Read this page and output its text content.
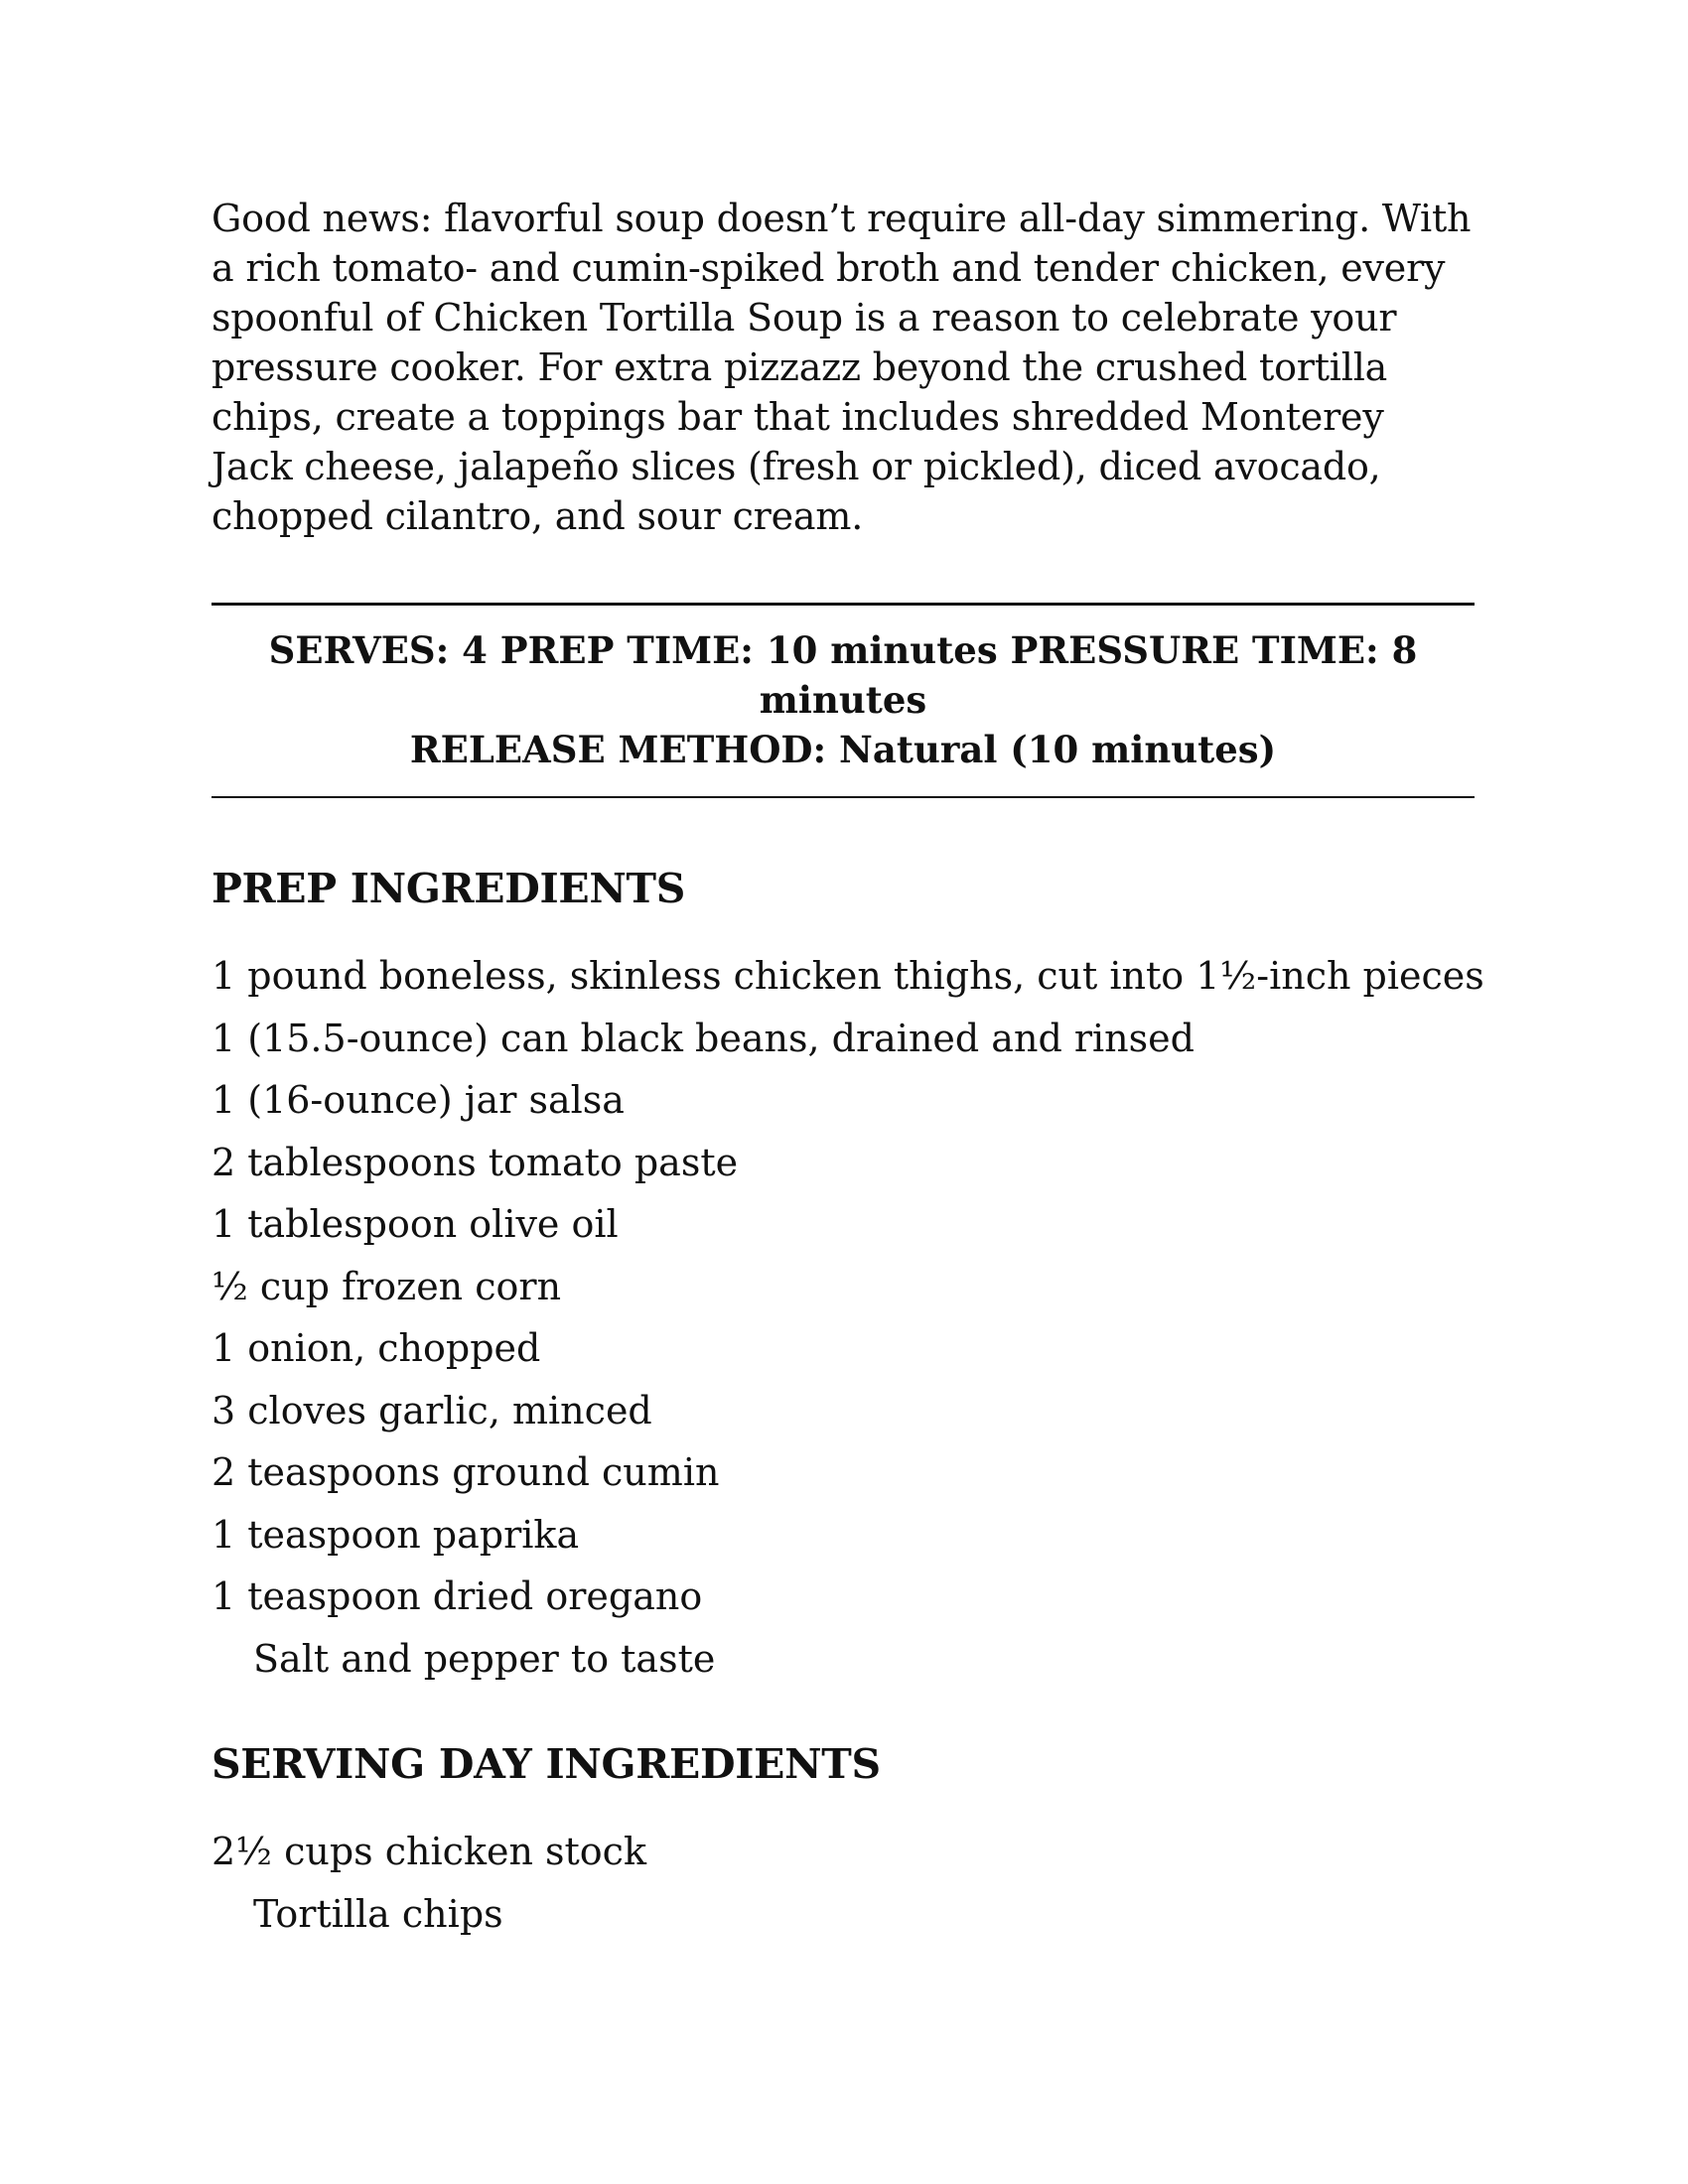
Good news: flavorful soup doesn’t require all-day simmering. With a rich tomato- and cumin-spiked broth and tender chicken, every spoonful of Chicken Tortilla Soup is a reason to celebrate your pressure cooker. For extra pizzazz beyond the crushed tortilla chips, create a toppings bar that includes shredded Monterey Jack cheese, jalapeño slices (fresh or pickled), diced avocado, chopped cilantro, and sour cream.

SERVES: 4 PREP TIME: 10 minutes PRESSURE TIME: 8 minutes
RELEASE METHOD: Natural (10 minutes)
PREP INGREDIENTS
1 pound boneless, skinless chicken thighs, cut into 1½-inch pieces
1 (15.5-ounce) can black beans, drained and rinsed
1 (16-ounce) jar salsa
2 tablespoons tomato paste
1 tablespoon olive oil
½ cup frozen corn
1 onion, chopped
3 cloves garlic, minced
2 teaspoons ground cumin
1 teaspoon paprika
1 teaspoon dried oregano
Salt and pepper to taste
SERVING DAY INGREDIENTS
2½ cups chicken stock
Tortilla chips
